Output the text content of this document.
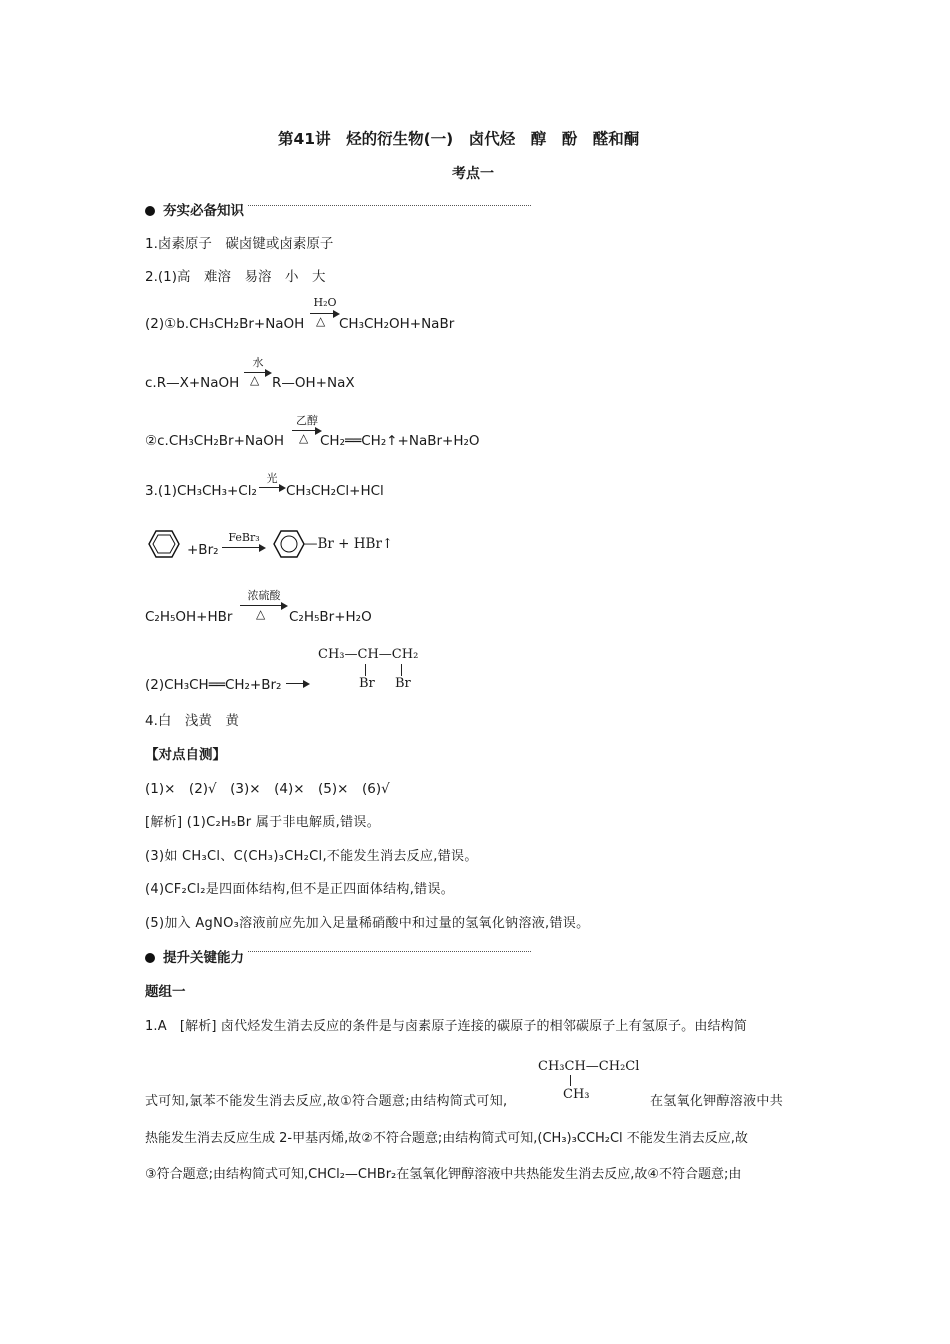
第41讲　烃的衍生物(一)　卤代烃　醇　酚　醛和酮
考点一
夯实必备知识
1.卤素原子　碳卤键或卤素原子
2.(1)高　难溶　易溶　小　大
(2)①b.CH₃CH₂Br+NaOH
H₂O
△ CH₃CH₂OH+NaBr
c.R—X+NaOH
水
△ R—OH+NaX
②c.CH₃CH₂Br+NaOH
乙醇
△ CH₂══CH₂↑+NaBr+H₂O
3.(1)CH₃CH₃+Cl₂
光
→ CH₃CH₂Cl+HCl
+Br₂
FeBr₃	—Br + HBr↑
C₂H₅OH+HBr
浓硫酸
△ C₂H₅Br+H₂O
(2)CH₃CH══CH₂+Br₂ →
CH₃—CH—CH₂
Br Br
4.白　浅黄　黄
【对点自测】
(1)×　(2)√　(3)×　(4)×　(5)×　(6)√
[解析] (1)C₂H₅Br 属于非电解质,错误。
(3)如 CH₃Cl、C(CH₃)₃CH₂Cl,不能发生消去反应,错误。
(4)CF₂Cl₂是四面体结构,但不是正四面体结构,错误。
(5)加入 AgNO₃溶液前应先加入足量稀硝酸中和过量的氢氧化钠溶液,错误。
提升关键能力
题组一
1.A　[解析] 卤代烃发生消去反应的条件是与卤素原子连接的碳原子的相邻碳原子上有氢原子。由结构简
CH₃CH—CH₂Cl
CH₃
式可知,氯苯不能发生消去反应,故①符合题意;由结构简式可知,	在氢氧化钾醇溶液中共
热能发生消去反应生成 2-甲基丙烯,故②不符合题意;由结构简式可知,(CH₃)₃CCH₂Cl 不能发生消去反应,故
③符合题意;由结构简式可知,CHCl₂—CHBr₂在氢氧化钾醇溶液中共热能发生消去反应,故④不符合题意;由
